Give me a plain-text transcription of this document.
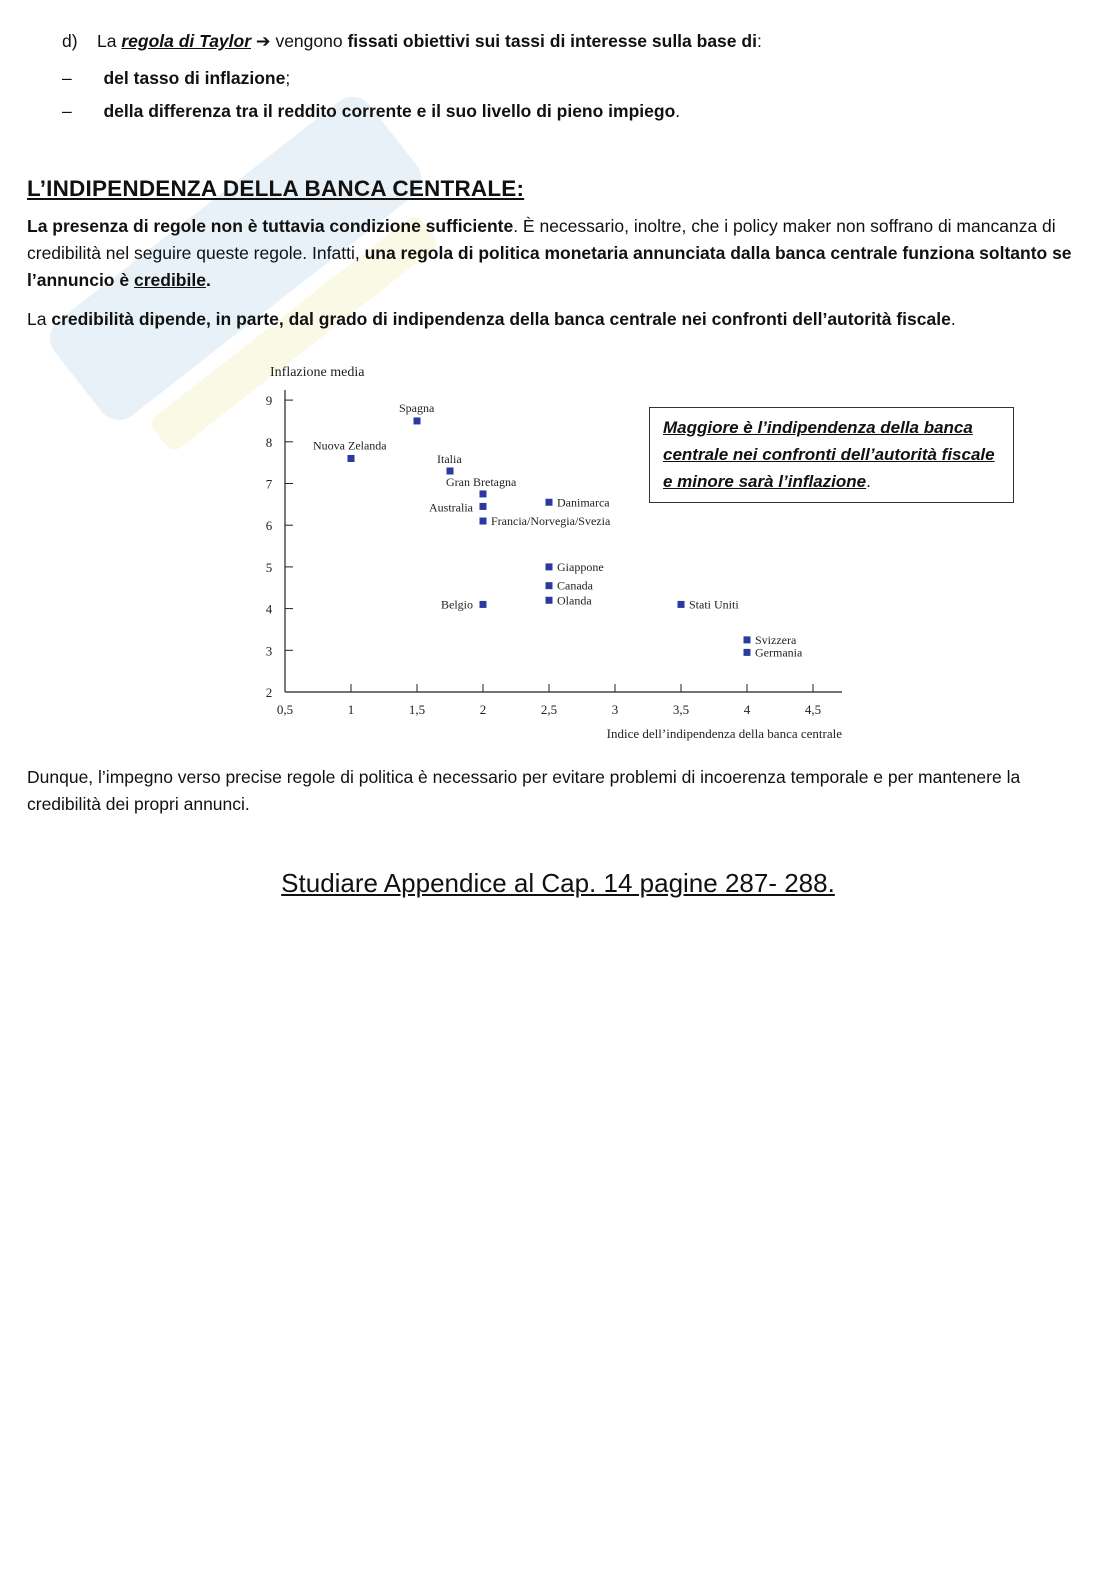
d) La regola di Taylor ➔ vengono fissati obiettivi sui tassi di interesse sulla base di:
– del tasso di inflazione;
– della differenza tra il reddito corrente e il suo livello di pieno impiego.
L’INDIPENDENZA DELLA BANCA CENTRALE:
La presenza di regole non è tuttavia condizione sufficiente. È necessario, inoltre, che i policy maker non soffrano di mancanza di credibilità nel seguire queste regole. Infatti, una regola di politica monetaria annunciata dalla banca centrale funziona soltanto se l’annuncio è credibile.
La credibilità dipende, in parte, dal grado di indipendenza della banca centrale nei confronti dell’autorità fiscale.
2
3
4
5
6
7
8
9
0,5	1	1,5	2	2,5	3	3,5	4	4,5
Inflazione media
Indice dell’indipendenza della banca centrale
Spagna
Nuova Zelanda
Italia
Gran Bretagna
Australia
Francia/Norvegia/Svezia
Danimarca
Giappone
Canada
Olanda
Belgio	Stati Uniti
Svizzera
Germania
Maggiore è l’indipendenza della banca centrale nei confronti dell’autorità fiscale e minore sarà l’inflazione.
Dunque, l’impegno verso precise regole di politica è necessario per evitare problemi di incoerenza temporale e per mantenere la credibilità dei propri annunci.
Studiare Appendice al Cap. 14 pagine 287- 288.
